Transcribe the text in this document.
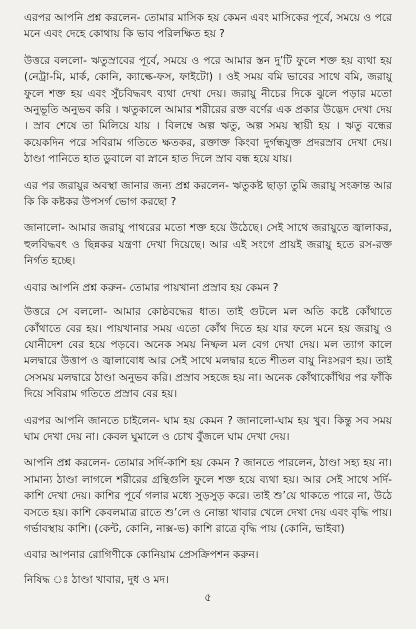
এরপর আপনি প্রশ্ন করলেন- তোমার মাসিক হয় কেমন এবং মাসিকের পূর্বে, সময়ে ও পরে মনে এবং দেহে কোথায় কি ভাব পরিলক্ষিত হয় ?

উত্তরে বললো- ঋতুস্রাবের পূর্বে, সময়ে ও পরে আমার স্তন দু’টি ফুলে শক্ত হয় ব্যথা হয় (নেট্রা-মি, মার্ক, কোনি, ক্যাল্কে-ফস, ফাইটো) । ওই সময় বমি ভাবের সাথে বমি, জরায়ু ফুলে শক্ত হয় এবং সুঁচবিদ্ধবৎ ব্যথা দেখা দেয়। জরায়ু নীচের দিকে ঝুলে পড়ার মতো অনুভূতি অনুভব করি । ঋতুকালে আমার শরীরের রক্ত বর্ণের এক প্রকার উদ্ভেদ দেখা দেয় । স্রাব শেষে তা মিলিয়ে যায় । বিলম্বে অল্প ঋতু, অল্প সময় স্থায়ী হয় । ঋতু বন্ধের কয়েকদিন পরে সবিরাম গতিতে ক্ষতকর, রক্তাক্ত কিংবা দুর্গন্ধযুক্ত প্রদরস্রাব দেখা দেয়। ঠাণ্ডা পানিতে হাত ডুবালে বা স্নানে হাত দিলে স্রাব বন্ধ হয়ে যায়।

এর পর জরায়ুর অবস্থা জানার জন্য প্রশ্ন করলেন- ঋতুকষ্ট ছাড়া তুমি জরায়ু সংক্রান্ত আর কি কি কষ্টকর উপসর্গ ভোগ করছো ?

জানালো- আমার জরায়ু পাথরের মতো শক্ত হয়ে উঠেছে। সেই সাথে জরায়ুতে জ্বালাকর, হুলবিদ্ধবৎ ও ছিন্নকর যন্ত্রণা দেখা দিয়েছে। আর এই সংগে প্রায়ই জরায়ু হতে রস-রক্ত নির্গত হচ্ছে।

এবার আপনি প্রশ্ন করুন- তোমার পায়খানা প্রস্রাব হয় কেমন ?

উত্তরে সে বললো- আমার কোষ্ঠবদ্ধের ধাত। তাই গুটলে মল অতি কষ্টে কোঁথাতে কোঁথাতে বের হয়। পায়খানার সময় এতো কোঁথ দিতে হয় যার ফলে মনে হয় জরায়ু ও যোনীদেশ বের হয়ে পড়বে। অনেক সময় নিষ্ফল মল বেগ দেখা দেয়। মল ত্যাগ কালে মলদ্বারে উত্তাপ ও জ্বালাবোধ আর সেই সাথে মলদ্বার হতে শীতল বায়ু নিঃসরণ হয়। তাই সেসময় মলদ্বারে ঠাণ্ডা অনুভব করি। প্রস্রাব সহজে হয় না। অনেক কোঁথাকোঁথির পর ফাঁকি দিয়ে সবিরাম গতিতে প্রস্রাব বের হয়।

এরপর আপনি জানতে চাইলেন- ঘাম হয় কেমন ? জানালো-ঘাম হয় খুব। কিন্তু সব সময় ঘাম দেখা দেয় না। কেবল ঘুমালে ও চোখ বুঁজলে ঘাম দেখা দেয়।

আপনি প্রশ্ন করলেন- তোমার সর্দি-কাশি হয় কেমন ? জানতে পারলেন, ঠাণ্ডা সহ্য হয় না। সামান্য ঠাণ্ডা লাগলে শরীরের গ্রন্থিগুলি ফুলে শক্ত হয়ে ব্যথা হয়। আর সেই সাথে সর্দি-কাশি দেখা দেয়। কাশির পূর্বে গলার মধ্যে সুড়সুড় করে। তাই শু’য়ে থাকতে পারে না, উঠে বসতে হয়। কাশি কেবলমাত্র রাতে শু’লে ও নোন্তা খাবার খেলে দেখা দেয় এবং বৃদ্ধি পায়। গর্ভাবস্থায় কাশি। (কেন্ট, কোনি, নাক্স-ভ) কাশি রাত্রে বৃদ্ধি পায় (কোনি, ভাইবা)

এবার আপনার রোগিণীকে কোনিয়াম প্রেসক্রিপশন করুন।

নিষিদ্ধ ঃ ঠাণ্ডা খাবার, দুধ ও মদ।

৫
